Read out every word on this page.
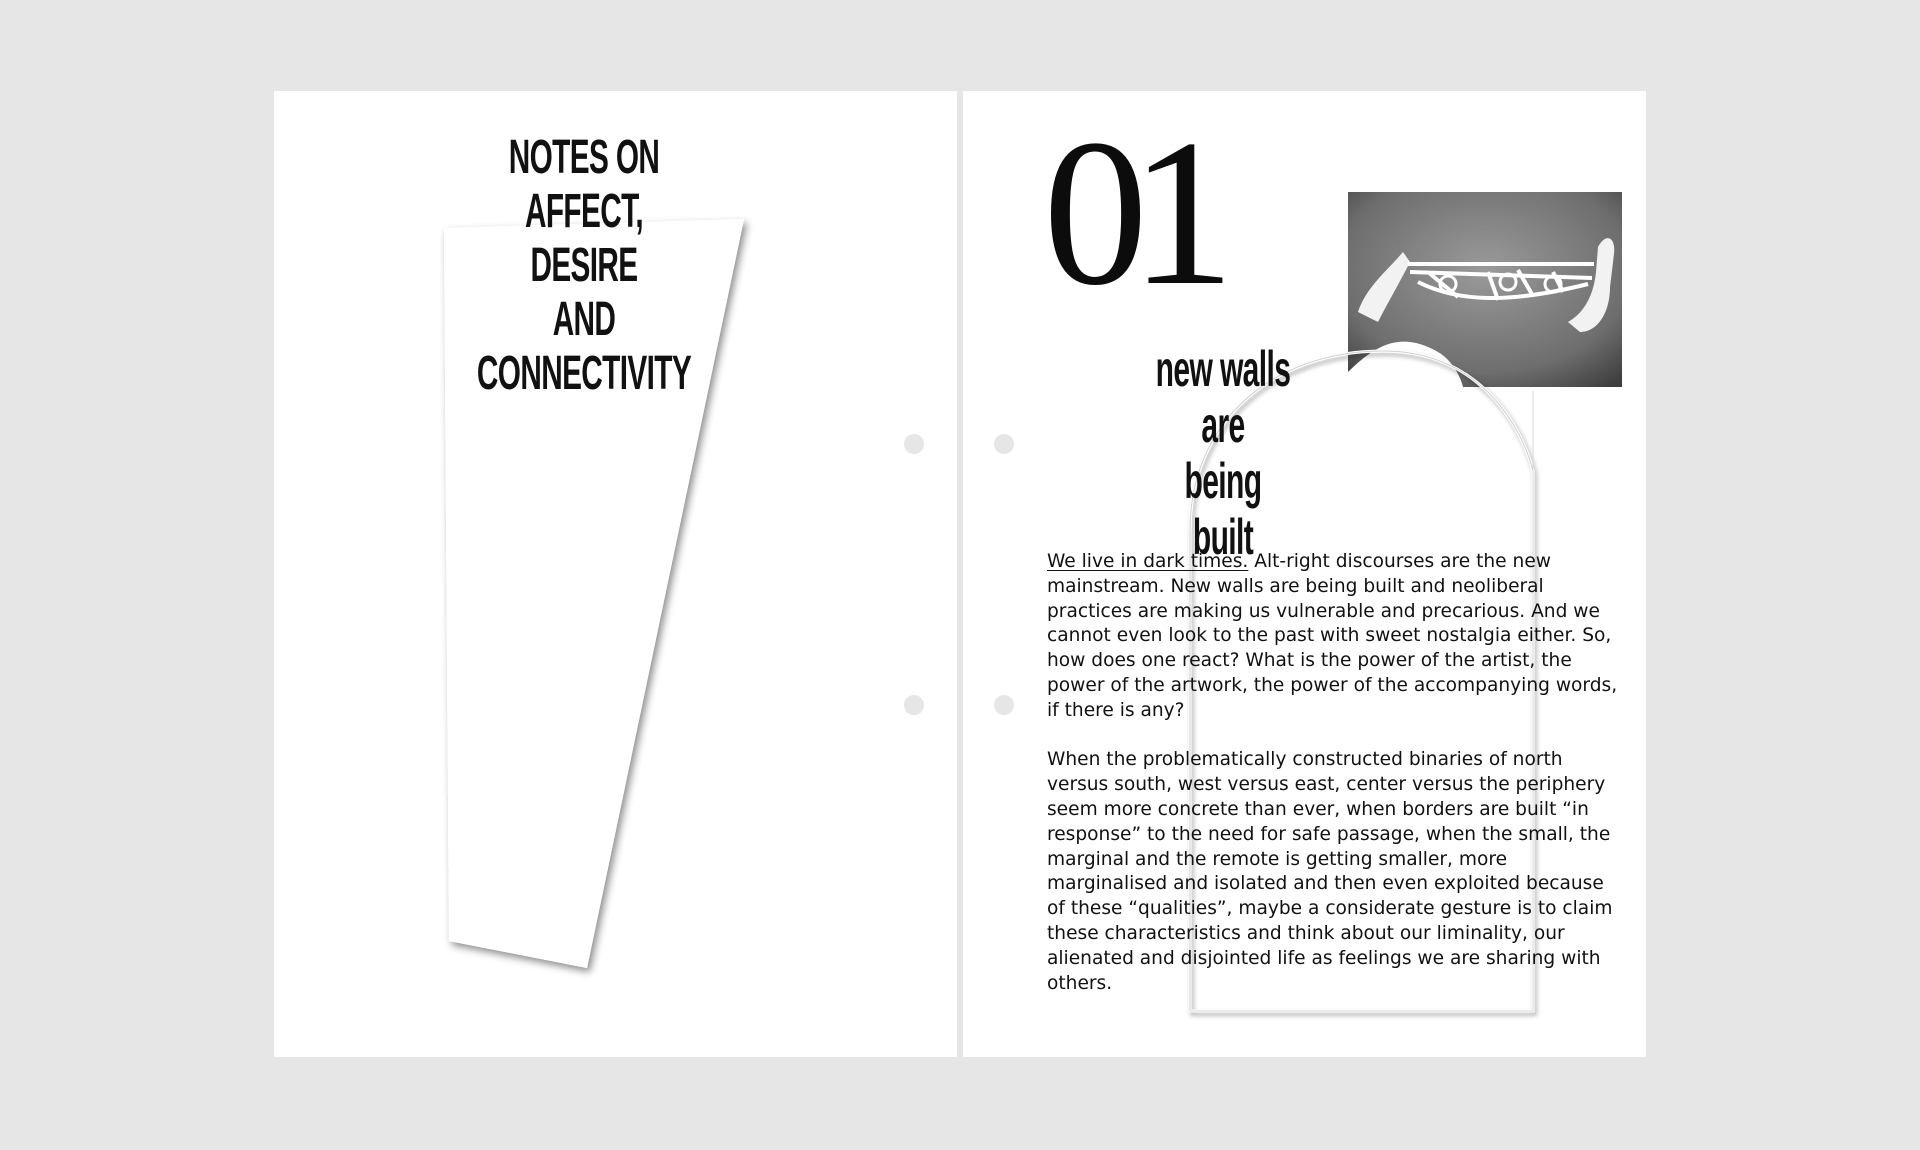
NOTES ON AFFECT, DESIRE
AND CONNECTIVITY
01
new walls are
being built

We live in dark times. Alt-right discourses are the new mainstream. New walls are being built and neoliberal practices are making us vulnerable and precarious. And we cannot even look to the past with sweet nostalgia either. So, how does one react? What is the power of the artist, the power of the artwork, the power of the accompanying words, if there is any?

When the problematically constructed binaries of north versus south, west versus east, center versus the periphery seem more concrete than ever, when borders are built “in response” to the need for safe passage, when the small, the marginal and the remote is getting smaller, more marginalised and isolated and then even exploited because of these “qualities”, maybe a considerate gesture is to claim these characteristics and think about our liminality, our alienated and disjointed life as feelings we are sharing with others.
